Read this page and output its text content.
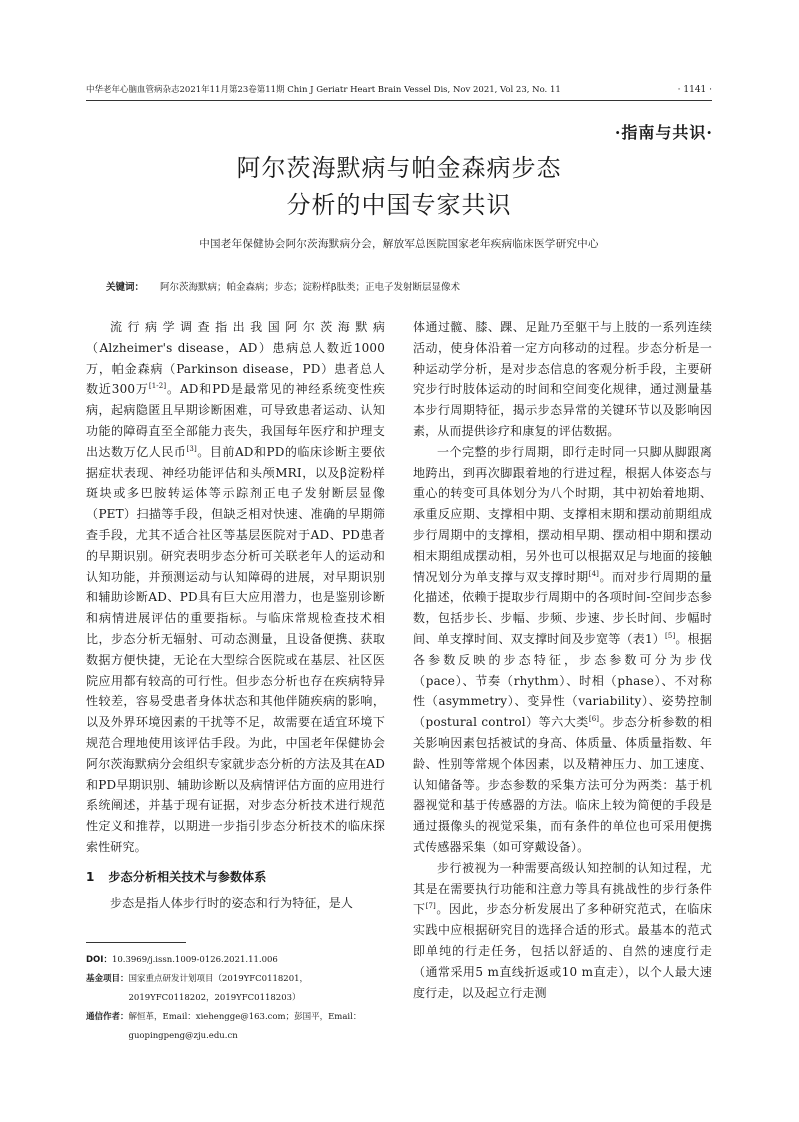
中华老年心脑血管病杂志2021年11月第23卷第11期 Chin J Geriatr Heart Brain Vessel Dis, Nov 2021, Vol 23, No. 11	· 1141 ·
·指南与共识·
阿尔茨海默病与帕金森病步态
分析的中国专家共识
中国老年保健协会阿尔茨海默病分会，解放军总医院国家老年疾病临床医学研究中心
关键词： 阿尔茨海默病；帕金森病；步态；淀粉样β肽类；正电子发射断层显像术

流行病学调查指出我国阿尔茨海默病（Alzheimer's disease，AD）患病总人数近1000万，帕金森病（Parkinson disease，PD）患者总人数近300万[1-2]。AD和PD是最常见的神经系统变性疾病，起病隐匿且早期诊断困难，可导致患者运动、认知功能的障碍直至全部能力丧失，我国每年医疗和护理支出达数万亿人民币[3]。目前AD和PD的临床诊断主要依据症状表现、神经功能评估和头颅MRI，以及β淀粉样斑块或多巴胺转运体等示踪剂正电子发射断层显像（PET）扫描等手段，但缺乏相对快速、准确的早期筛查手段，尤其不适合社区等基层医院对于AD、PD患者的早期识别。研究表明步态分析可关联老年人的运动和认知功能，并预测运动与认知障碍的进展，对早期识别和辅助诊断AD、PD具有巨大应用潜力，也是鉴别诊断和病情进展评估的重要指标。与临床常规检查技术相比，步态分析无辐射、可动态测量，且设备便携、获取数据方便快捷，无论在大型综合医院或在基层、社区医院应用都有较高的可行性。但步态分析也存在疾病特异性较差，容易受患者身体状态和其他伴随疾病的影响，以及外界环境因素的干扰等不足，故需要在适宜环境下规范合理地使用该评估手段。为此，中国老年保健协会阿尔茨海默病分会组织专家就步态分析的方法及其在AD和PD早期识别、辅助诊断以及病情评估方面的应用进行系统阐述，并基于现有证据，对步态分析技术进行规范性定义和推荐，以期进一步指引步态分析技术的临床探索性研究。

1 步态分析相关技术与参数体系

步态是指人体步行时的姿态和行为特征，是人

DOI： 10.3969/j.issn.1009-0126.2021.11.006
基金项目： 国家重点研发计划项目（2019YFC0118201，2019YFC0118202，2019YFC0118203）
通信作者： 解恒革，Email：xiehengge@163.com；彭国平，Email：guopingpeng@zju.edu.cn

体通过髋、膝、踝、足趾乃至躯干与上肢的一系列连续活动，使身体沿着一定方向移动的过程。步态分析是一种运动学分析，是对步态信息的客观分析手段，主要研究步行时肢体运动的时间和空间变化规律，通过测量基本步行周期特征，揭示步态异常的关键环节以及影响因素，从而提供诊疗和康复的评估数据。

一个完整的步行周期，即行走时同一只脚从脚跟离地跨出，到再次脚跟着地的行进过程，根据人体姿态与重心的转变可具体划分为八个时期，其中初始着地期、承重反应期、支撑相中期、支撑相末期和摆动前期组成步行周期中的支撑相，摆动相早期、摆动相中期和摆动相末期组成摆动相，另外也可以根据双足与地面的接触情况划分为单支撑与双支撑时期[4]。而对步行周期的量化描述，依赖于提取步行周期中的各项时间-空间步态参数，包括步长、步幅、步频、步速、步长时间、步幅时间、单支撑时间、双支撑时间及步宽等（表1）[5]。根据各参数反映的步态特征，步态参数可分为步伐（pace）、节奏（rhythm）、时相（phase）、不对称性（asymmetry）、变异性（variability）、姿势控制（postural control）等六大类[6]。步态分析参数的相关影响因素包括被试的身高、体质量、体质量指数、年龄、性别等常规个体因素，以及精神压力、加工速度、认知储备等。步态参数的采集方法可分为两类：基于机器视觉和基于传感器的方法。临床上较为简便的手段是通过摄像头的视觉采集，而有条件的单位也可采用便携式传感器采集（如可穿戴设备）。

步行被视为一种需要高级认知控制的认知过程，尤其是在需要执行功能和注意力等具有挑战性的步行条件下[7]。因此，步态分析发展出了多种研究范式，在临床实践中应根据研究目的选择合适的形式。最基本的范式即单纯的行走任务，包括以舒适的、自然的速度行走（通常采用5 m直线折返或10 m直走），以个人最大速度行走，以及起立行走测
